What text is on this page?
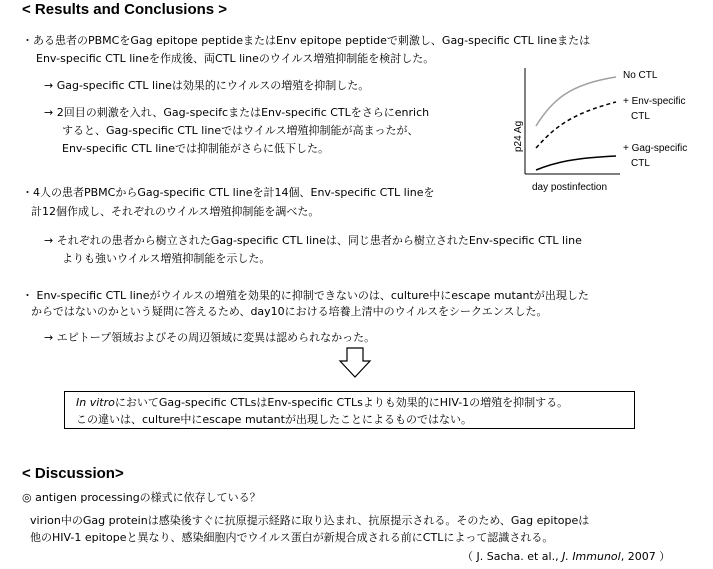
< Results and Conclusions >
・ある患者のPBMCをGag epitope peptideまたはEnv epitope peptideで刺激し、Gag-specific CTL lineまたは
Env-specific CTL lineを作成後、両CTL lineのウイルス増殖抑制能を検討した。
→ Gag-specific CTL lineは効果的にウイルスの増殖を抑制した。
→ 2回目の刺激を入れ、Gag-specifcまたはEnv-specific CTLをさらにenrich
すると、Gag-specific CTL lineではウイルス増殖抑制能が高まったが、
Env-specific CTL lineでは抑制能がさらに低下した。	p24 Ag
day postinfection
No CTL
+ Env-specific
CTL
+ Gag-specific
CTL
・4人の患者PBMCからGag-specific CTL lineを計14個、Env-specific CTL lineを
計12個作成し、それぞれのウイルス増殖抑制能を調べた。
→ それぞれの患者から樹立されたGag-specific CTL lineは、同じ患者から樹立されたEnv-specific CTL line
よりも強いウイルス増殖抑制能を示した。
・ Env-specific CTL lineがウイルスの増殖を効果的に抑制できないのは、culture中にescape mutantが出現した
からではないのかという疑問に答えるため、day10における培養上清中のウイルスをシークエンスした。
→ エピトープ領域およびその周辺領域に変異は認められなかった。
In vitroにおいてGag-specific CTLsはEnv-specific CTLsよりも効果的にHIV-1の増殖を抑制する。
この違いは、culture中にescape mutantが出現したことによるものではない。
< Discussion>
◎ antigen processingの様式に依存している？
virion中のGag proteinは感染後すぐに抗原提示経路に取り込まれ、抗原提示される。そのため、Gag epitopeは
他のHIV-1 epitopeと異なり、感染細胞内でウイルス蛋白が新規合成される前にCTLによって認識される。
（ J. Sacha. et al., J. Immunol, 2007 ）
